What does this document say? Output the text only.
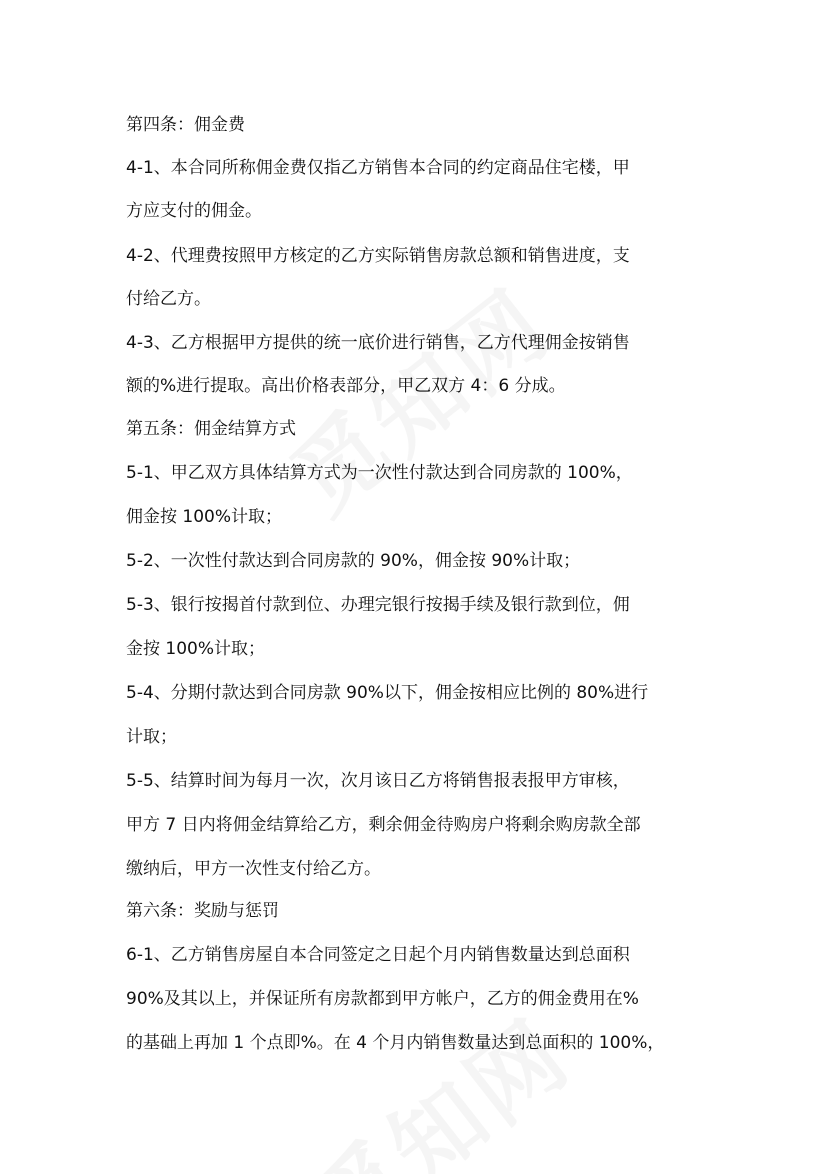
第四条：佣金费
4-1、本合同所称佣金费仅指乙方销售本合同的约定商品住宅楼，甲
方应支付的佣金。
4-2、代理费按照甲方核定的乙方实际销售房款总额和销售进度，支
付给乙方。
4-3、乙方根据甲方提供的统一底价进行销售，乙方代理佣金按销售
额的%进行提取。高出价格表部分，甲乙双方 4：6 分成。
第五条：佣金结算方式
5-1、甲乙双方具体结算方式为一次性付款达到合同房款的 100%，
佣金按 100%计取；
5-2、一次性付款达到合同房款的 90%，佣金按 90%计取；
5-3、银行按揭首付款到位、办理完银行按揭手续及银行款到位，佣
金按 100%计取；
5-4、分期付款达到合同房款 90%以下，佣金按相应比例的 80%进行
计取；
5-5、结算时间为每月一次，次月该日乙方将销售报表报甲方审核，
甲方 7 日内将佣金结算给乙方，剩余佣金待购房户将剩余购房款全部
缴纳后，甲方一次性支付给乙方。
第六条：奖励与惩罚
6-1、乙方销售房屋自本合同签定之日起个月内销售数量达到总面积
90%及其以上，并保证所有房款都到甲方帐户，乙方的佣金费用在%
的基础上再加 1 个点即%。在 4 个月内销售数量达到总面积的 100%，
